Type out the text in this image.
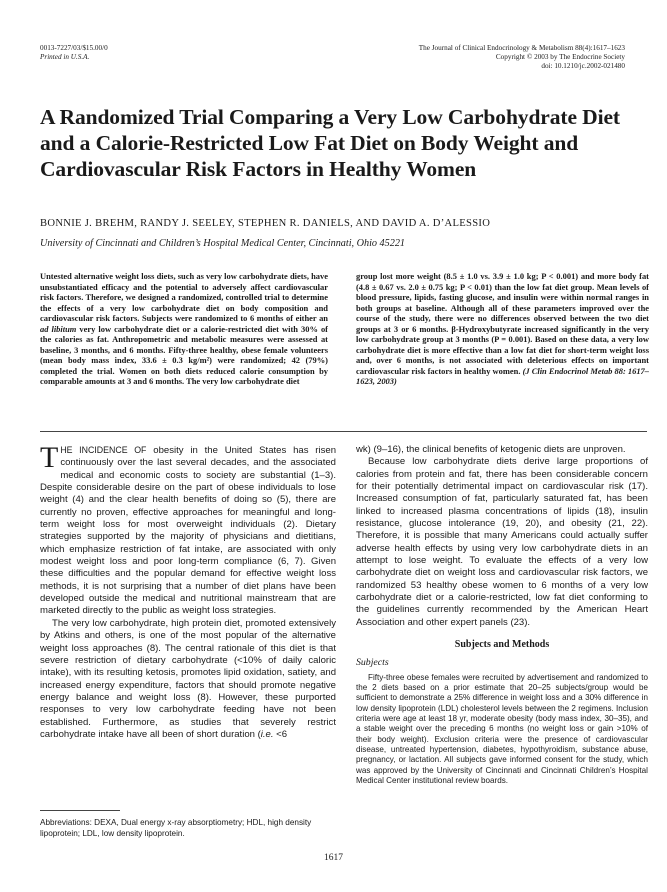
0013-7227/03/$15.00/0
Printed in U.S.A.
The Journal of Clinical Endocrinology & Metabolism 88(4):1617–1623
Copyright © 2003 by The Endocrine Society
doi: 10.1210/jc.2002-021480
A Randomized Trial Comparing a Very Low Carbohydrate Diet and a Calorie-Restricted Low Fat Diet on Body Weight and Cardiovascular Risk Factors in Healthy Women
BONNIE J. BREHM, RANDY J. SEELEY, STEPHEN R. DANIELS, AND DAVID A. D’ALESSIO
University of Cincinnati and Children’s Hospital Medical Center, Cincinnati, Ohio 45221

Untested alternative weight loss diets, such as very low carbohydrate diets, have unsubstantiated efficacy and the potential to adversely affect cardiovascular risk factors. Therefore, we designed a randomized, controlled trial to determine the effects of a very low carbohydrate diet on body composition and cardiovascular risk factors. Subjects were randomized to 6 months of either an ad libitum very low carbohydrate diet or a calorie-restricted diet with 30% of the calories as fat. Anthropometric and metabolic measures were assessed at baseline, 3 months, and 6 months. Fifty-three healthy, obese female volunteers (mean body mass index, 33.6 ± 0.3 kg/m²) were randomized; 42 (79%) completed the trial. Women on both diets reduced calorie consumption by comparable amounts at 3 and 6 months. The very low carbohydrate diet

group lost more weight (8.5 ± 1.0 vs. 3.9 ± 1.0 kg; P < 0.001) and more body fat (4.8 ± 0.67 vs. 2.0 ± 0.75 kg; P < 0.01) than the low fat diet group. Mean levels of blood pressure, lipids, fasting glucose, and insulin were within normal ranges in both groups at baseline. Although all of these parameters improved over the course of the study, there were no differences observed between the two diet groups at 3 or 6 months. β-Hydroxybutyrate increased significantly in the very low carbohydrate group at 3 months (P = 0.001). Based on these data, a very low carbohydrate diet is more effective than a low fat diet for short-term weight loss and, over 6 months, is not associated with deleterious effects on important cardiovascular risk factors in healthy women. (J Clin Endocrinol Metab 88: 1617–1623, 2003)

THE INCIDENCE OF obesity in the United States has risen continuously over the last several decades, and the associated medical and economic costs to society are substantial (1–3). Despite considerable desire on the part of obese individuals to lose weight (4) and the clear health benefits of doing so (5), there are currently no proven, effective approaches for meaningful and long-term weight loss for most overweight individuals (2). Dietary strategies supported by the majority of physicians and dietitians, which emphasize restriction of fat intake, are associated with only modest weight loss and poor long-term compliance (6, 7). Given these difficulties and the popular demand for effective weight loss methods, it is not surprising that a number of diet plans have been developed outside the medical and nutritional mainstream that are marketed directly to the public as weight loss strategies.

The very low carbohydrate, high protein diet, promoted extensively by Atkins and others, is one of the most popular of the alternative weight loss approaches (8). The central rationale of this diet is that severe restriction of dietary carbohydrate (<10% of daily caloric intake), with its resulting ketosis, promotes lipid oxidation, satiety, and increased energy expenditure, factors that should promote negative energy balance and weight loss (8). However, these purported responses to very low carbohydrate feeding have not been established. Furthermore, as studies that severely restrict carbohydrate intake have all been of short duration (i.e. <6

wk) (9–16), the clinical benefits of ketogenic diets are unproven.

Because low carbohydrate diets derive large proportions of calories from protein and fat, there has been considerable concern for their potentially detrimental impact on cardiovascular risk (17). Increased consumption of fat, particularly saturated fat, has been linked to increased plasma concentrations of lipids (18), insulin resistance, glucose intolerance (19, 20), and obesity (21, 22). Therefore, it is possible that many Americans could actually suffer adverse health effects by using very low carbohydrate diets in an attempt to lose weight. To evaluate the effects of a very low carbohydrate diet on weight loss and cardiovascular risk factors, we randomized 53 healthy obese women to 6 months of a very low carbohydrate diet or a calorie-restricted, low fat diet conforming to the guidelines currently recommended by the American Heart Association and other expert panels (23).

Subjects and Methods
Subjects

Fifty-three obese females were recruited by advertisement and randomized to the 2 diets based on a prior estimate that 20–25 subjects/group would be sufficient to demonstrate a 25% difference in weight loss and a 30% difference in low density lipoprotein (LDL) cholesterol levels between the 2 regimens. Inclusion criteria were age at least 18 yr, moderate obesity (body mass index, 30–35), and a stable weight over the preceding 6 months (no weight loss or gain >10% of their body weight). Exclusion criteria were the presence of cardiovascular disease, untreated hypertension, diabetes, hypothyroidism, substance abuse, pregnancy, or lactation. All subjects gave informed consent for the study, which was approved by the University of Cincinnati and Cincinnati Children’s Hospital Medical Center institutional review boards.

Abbreviations: DEXA, Dual energy x-ray absorptiometry; HDL, high density lipoprotein; LDL, low density lipoprotein.

1617
